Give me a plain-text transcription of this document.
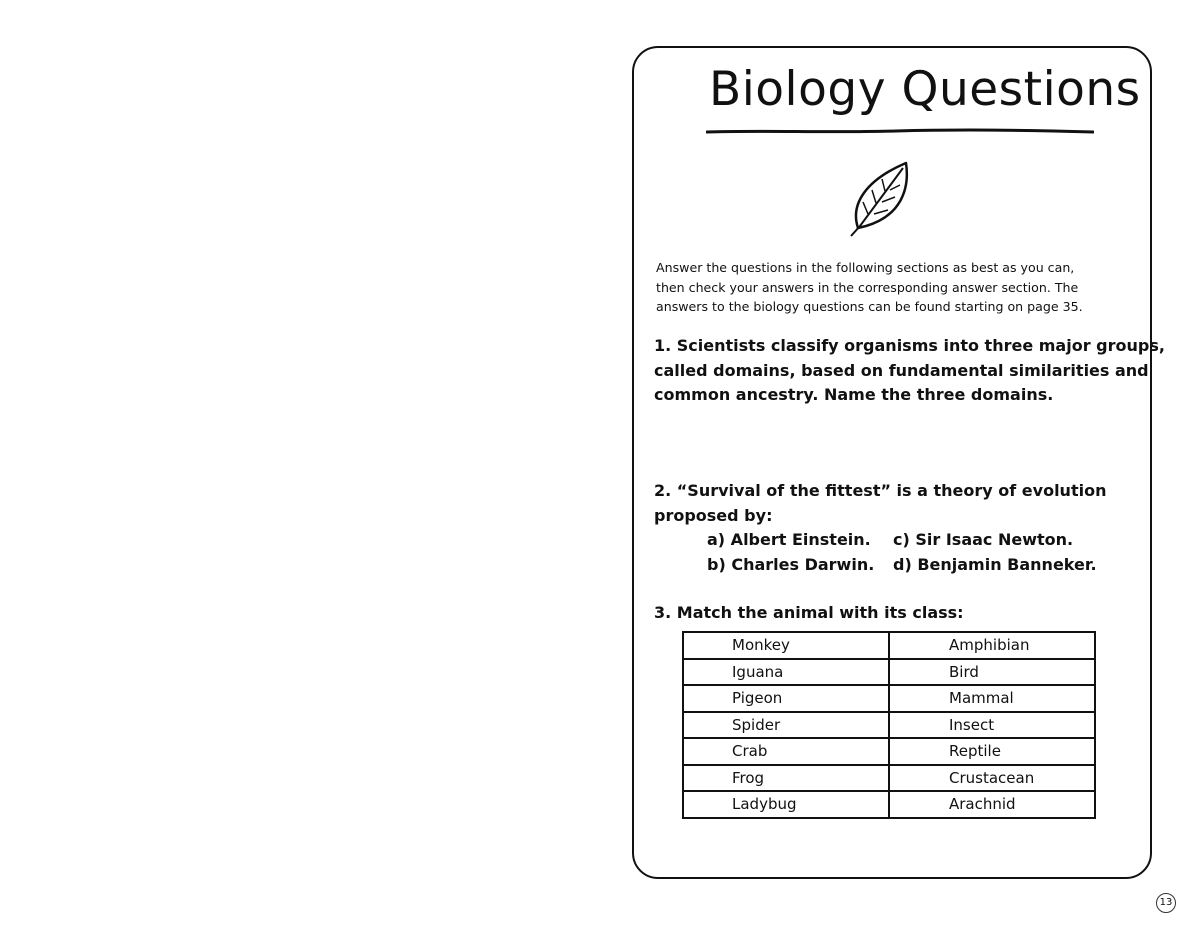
Biology Questions
Answer the questions in the following sections as best as you can,
then check your answers in the corresponding answer section. The
answers to the biology questions can be found starting on page 35.
1. Scientists classify organisms into three major groups,
called domains, based on fundamental similarities and
common ancestry. Name the three domains.
2. “Survival of the fittest” is a theory of evolution
proposed by:
a) Albert Einstein.	c) Sir Isaac Newton.
b) Charles Darwin.	d) Benjamin Banneker.
3. Match the animal with its class:
Monkey	Amphibian
Iguana	Bird
Pigeon	Mammal
Spider	Insect
Crab	Reptile
Frog	Crustacean
Ladybug	Arachnid
13
